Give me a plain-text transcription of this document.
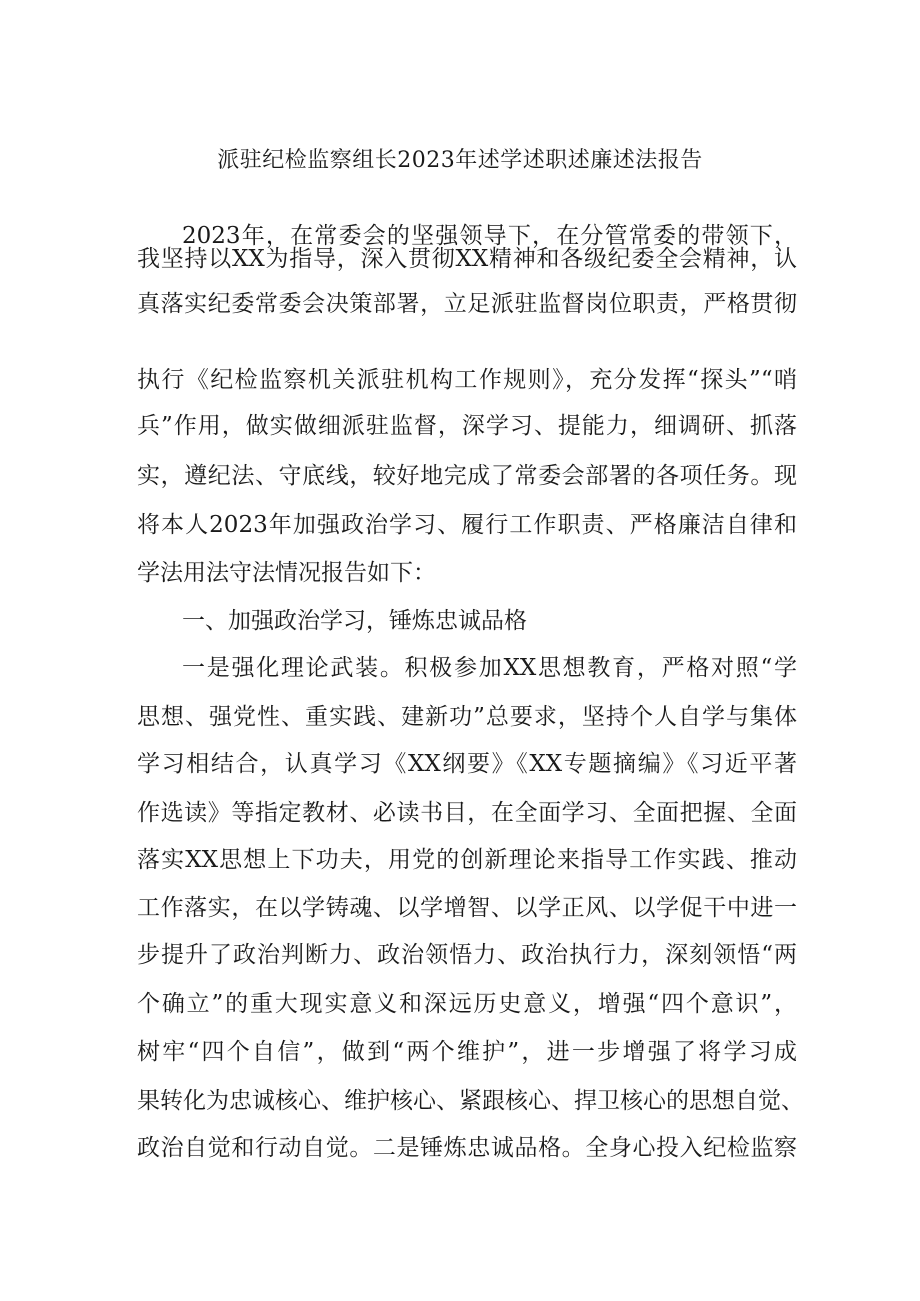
派驻纪检监察组长2023年述学述职述廉述法报告
2023年，在常委会的坚强领导下，在分管常委的带领下，
我坚持以XX为指导，深入贯彻XX精神和各级纪委全会精神，认
真落实纪委常委会决策部署，立足派驻监督岗位职责，严格贯彻
执行《纪检监察机关派驻机构工作规则》，充分发挥“探头”“哨
兵”作用，做实做细派驻监督，深学习、提能力，细调研、抓落
实，遵纪法、守底线，较好地完成了常委会部署的各项任务。现
将本人2023年加强政治学习、履行工作职责、严格廉洁自律和
学法用法守法情况报告如下：
一、加强政治学习，锤炼忠诚品格
一是强化理论武装。积极参加XX思想教育，严格对照“学
思想、强党性、重实践、建新功”总要求，坚持个人自学与集体
学习相结合，认真学习《XX纲要》《XX专题摘编》《习近平著
作选读》等指定教材、必读书目，在全面学习、全面把握、全面
落实XX思想上下功夫，用党的创新理论来指导工作实践、推动
工作落实，在以学铸魂、以学增智、以学正风、以学促干中进一
步提升了政治判断力、政治领悟力、政治执行力，深刻领悟“两
个确立”的重大现实意义和深远历史意义，增强“四个意识”，
树牢“四个自信”，做到“两个维护”，进一步增强了将学习成
果转化为忠诚核心、维护核心、紧跟核心、捍卫核心的思想自觉、
政治自觉和行动自觉。二是锤炼忠诚品格。全身心投入纪检监察
